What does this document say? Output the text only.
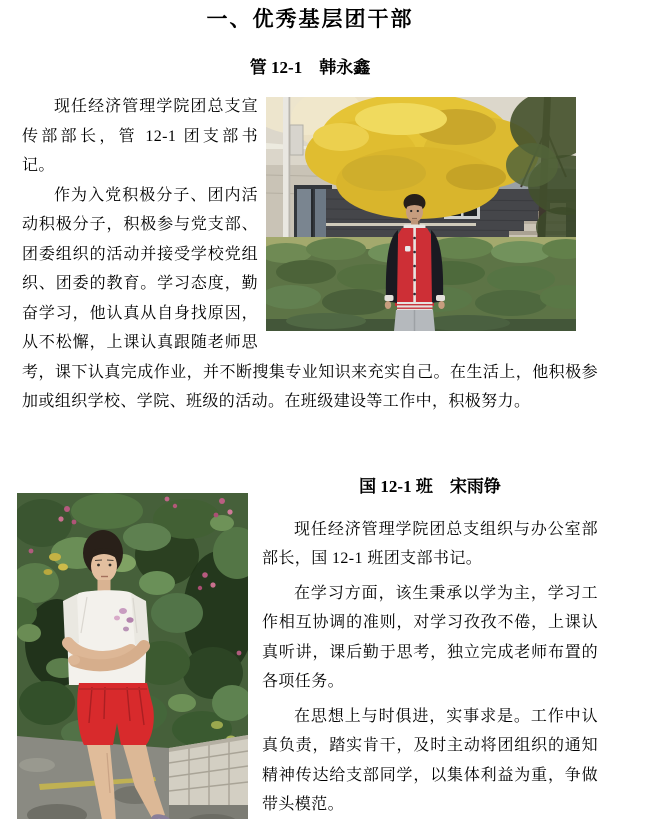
一、优秀基层团干部
管 12-1　韩永鑫

现任经济管理学院团总支宣传部部长，管 12-1 团支部书记。

作为入党积极分子、团内活动积极分子，积极参与党支部、团委组织的活动并接受学校党组织、团委的教育。学习态度，勤奋学习，他认真从自身找原因，从不松懈，上课认真跟随老师思考，课下认真完成作业，并不断搜集专业知识来充实自己。在生活上，他积极参加或组织学校、学院、班级的活动。在班级建设等工作中，积极努力。

国 12-1 班　宋雨铮

现任经济管理学院团总支组织与办公室部部长，国 12-1 班团支部书记。

在学习方面，该生秉承以学为主，学习工作相互协调的准则，对学习孜孜不倦，上课认真听讲，课后勤于思考，独立完成老师布置的各项任务。

在思想上与时俱进，实事求是。工作中认真负责，踏实肯干，及时主动将团组织的通知精神传达给支部同学，以集体利益为重，争做带头模范。
